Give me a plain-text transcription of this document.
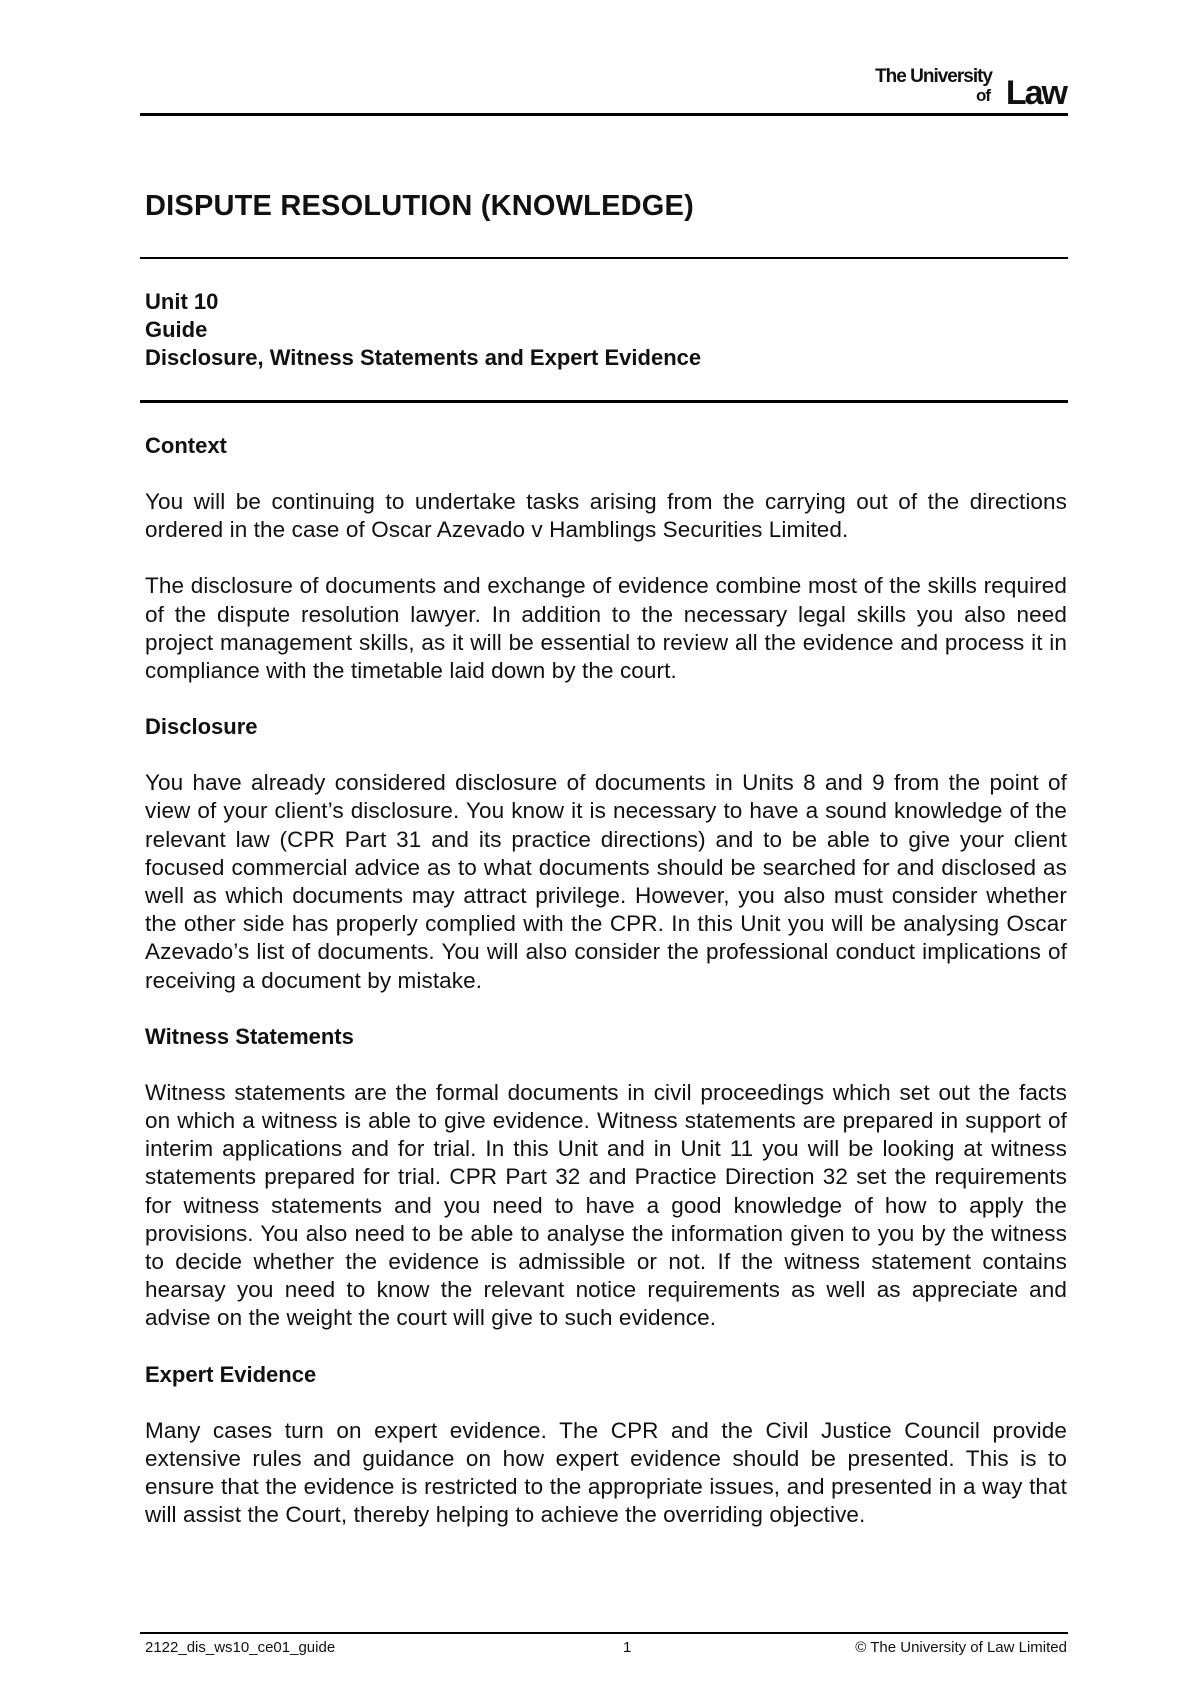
The University
of Law
DISPUTE RESOLUTION (KNOWLEDGE)
Unit 10
Guide
Disclosure, Witness Statements and Expert Evidence
Context

You will be continuing to undertake tasks arising from the carrying out of the directions ordered in the case of Oscar Azevado v Hamblings Securities Limited.

The disclosure of documents and exchange of evidence combine most of the skills required of the dispute resolution lawyer. In addition to the necessary legal skills you also need project management skills, as it will be essential to review all the evidence and process it in compliance with the timetable laid down by the court.

Disclosure

You have already considered disclosure of documents in Units 8 and 9 from the point of view of your client’s disclosure. You know it is necessary to have a sound knowledge of the relevant law (CPR Part 31 and its practice directions) and to be able to give your client focused commercial advice as to what documents should be searched for and disclosed as well as which documents may attract privilege. However, you also must consider whether the other side has properly complied with the CPR. In this Unit you will be analysing Oscar Azevado’s list of documents. You will also consider the professional conduct implications of receiving a document by mistake.

Witness Statements

Witness statements are the formal documents in civil proceedings which set out the facts on which a witness is able to give evidence. Witness statements are prepared in support of interim applications and for trial. In this Unit and in Unit 11 you will be looking at witness statements prepared for trial. CPR Part 32 and Practice Direction 32 set the requirements for witness statements and you need to have a good knowledge of how to apply the provisions. You also need to be able to analyse the information given to you by the witness to decide whether the evidence is admissible or not. If the witness statement contains hearsay you need to know the relevant notice requirements as well as appreciate and advise on the weight the court will give to such evidence.

Expert Evidence

Many cases turn on expert evidence. The CPR and the Civil Justice Council provide extensive rules and guidance on how expert evidence should be presented. This is to ensure that the evidence is restricted to the appropriate issues, and presented in a way that will assist the Court, thereby helping to achieve the overriding objective.

2122_dis_ws10_ce01_guide	1	© The University of Law Limited
